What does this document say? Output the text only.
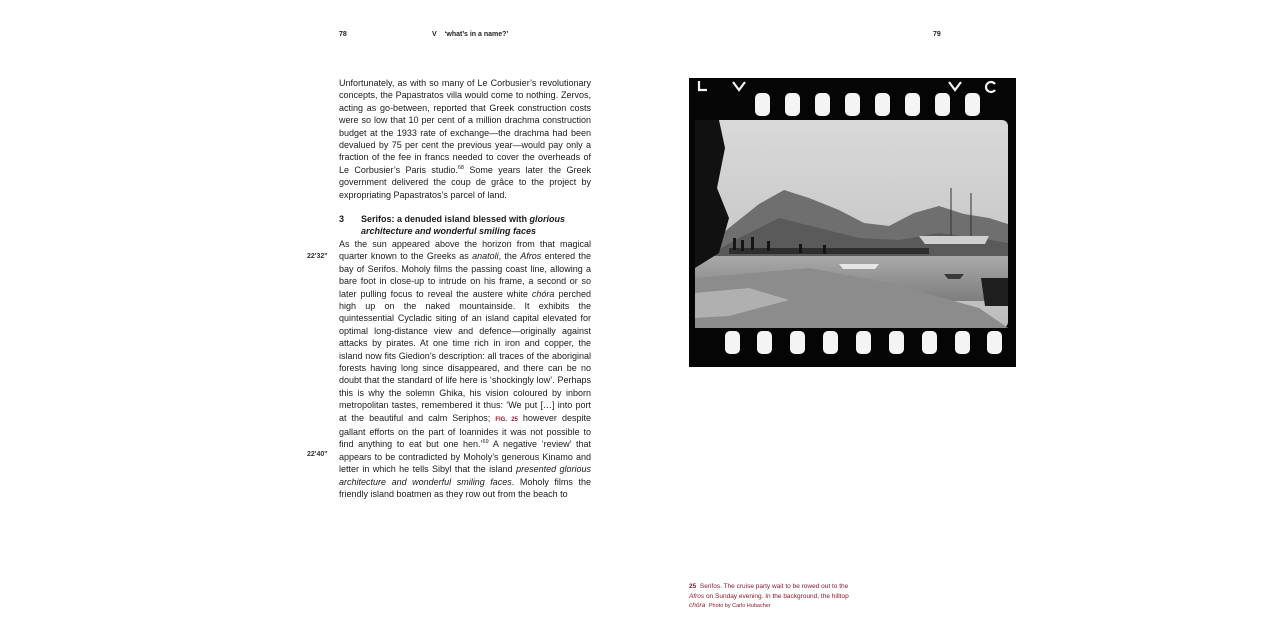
78	V ‘what’s in a name?’	79
22'32"
22'40"

Unfortunately, as with so many of Le Corbusier’s revolutionary concepts, the Papastratos villa would come to nothing. Zervos, acting as go-between, reported that Greek construction costs were so low that 10 per cent of a million drachma construction budget at the 1933 rate of exchange—the drachma had been devalued by 75 per cent the previous year—would pay only a fraction of the fee in francs needed to cover the overheads of Le Corbusier’s Paris studio.$^{68}$ Some years later the Greek government delivered the coup de grâce to the project by expropriating Papastratos’s parcel of land.

3	Serifos: a denuded island blessed with glorious
architecture and wonderful smiling faces

As the sun appeared above the horizon from that magical quarter known to the Greeks as anatoli, the Afros entered the bay of Serifos. Moholy films the passing coast line, allowing a bare foot in close-up to intrude on his frame, a second or so later pulling focus to reveal the austere white chóra perched high up on the naked mountainside. It exhibits the quintessential Cycladic siting of an island capital elevated for optimal long-distance view and defence—originally against attacks by pirates. At one time rich in iron and copper, the island now fits Giedion’s description: all traces of the aboriginal forests having long since disappeared, and there can be no doubt that the standard of life here is ‘shockingly low’. Perhaps this is why the solemn Ghika, his vision coloured by inborn metropolitan tastes, remembered it thus: ‘We put […] into port at the beautiful and calm Seriphos; FIG. 25 however despite gallant efforts on the part of Ioannides it was not possible to find anything to eat but one hen.’$^{69}$ A negative ‘review’ that appears to be contradicted by Moholy’s generous Kinamo and letter in which he tells Sibyl that the island presented glorious architecture and wonderful smiling faces. Moholy films the friendly island boatmen as they row out from the beach to

25 Serifos. The cruise party wait to be rowed out to the Afros on Sunday evening. In the background, the hilltop chóra Photo by Carlo Hubacher
